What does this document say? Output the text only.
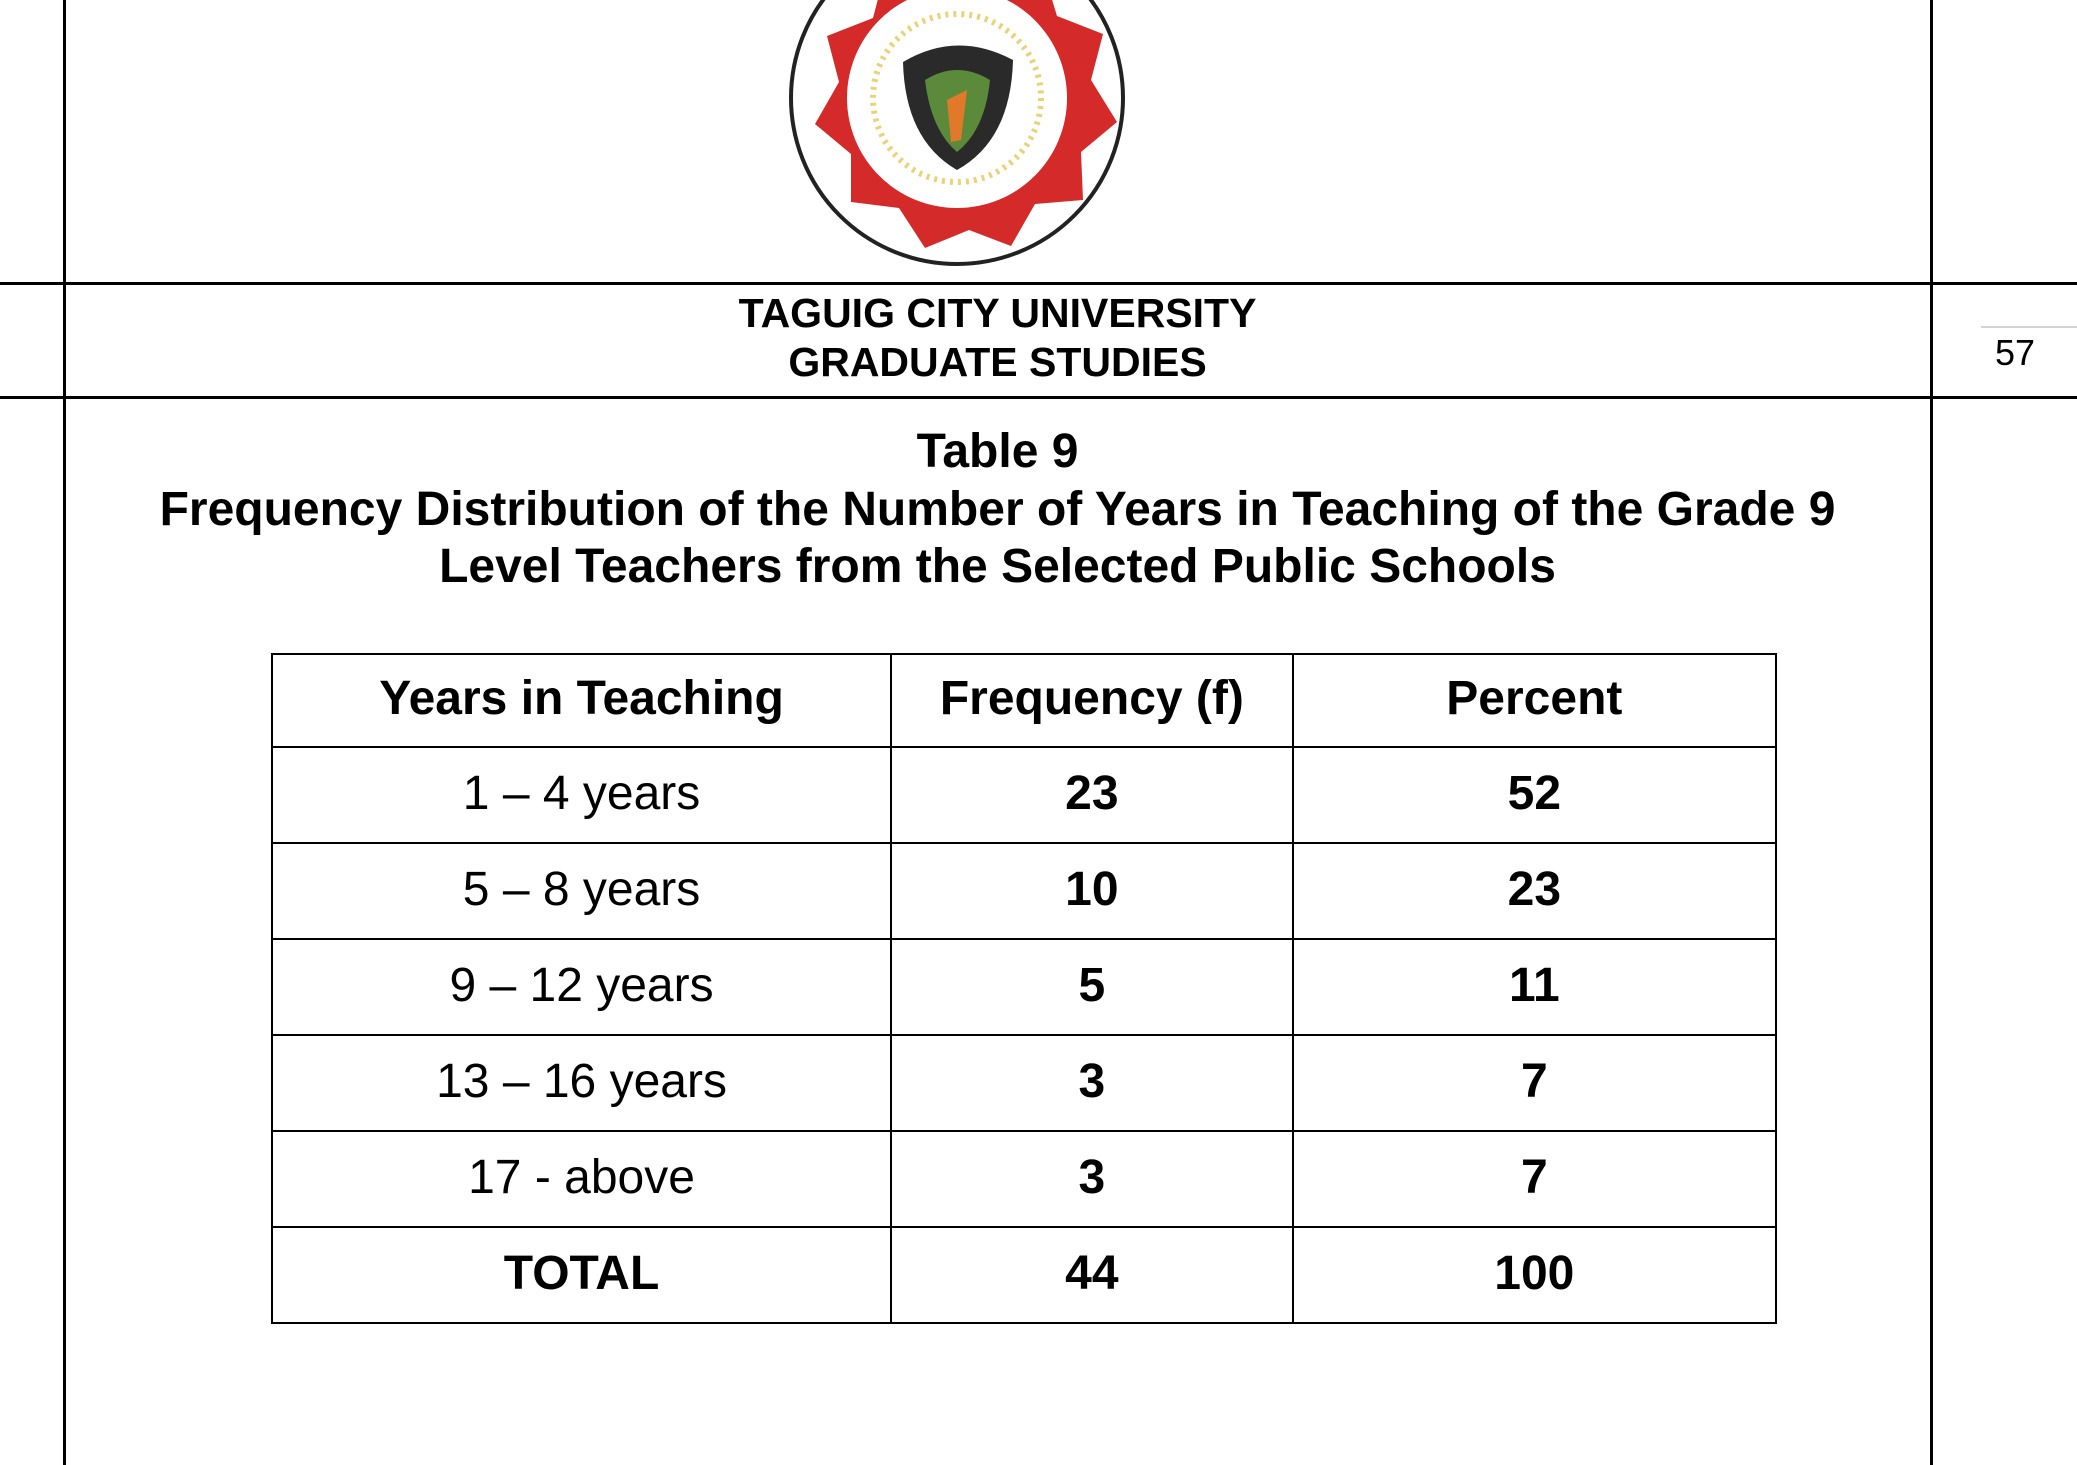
TAGUIG CITY UNIVERSITY
GRADUATE STUDIES	57
Table 9
Frequency Distribution of the Number of Years in Teaching of the Grade 9
Level Teachers from the Selected Public Schools
Years in Teaching	Frequency (f)	Percent
1 – 4 years	23	52
5 – 8 years	10	23
9 – 12 years	5	11
13 – 16 years	3	7
17 - above	3	7
TOTAL	44	100
